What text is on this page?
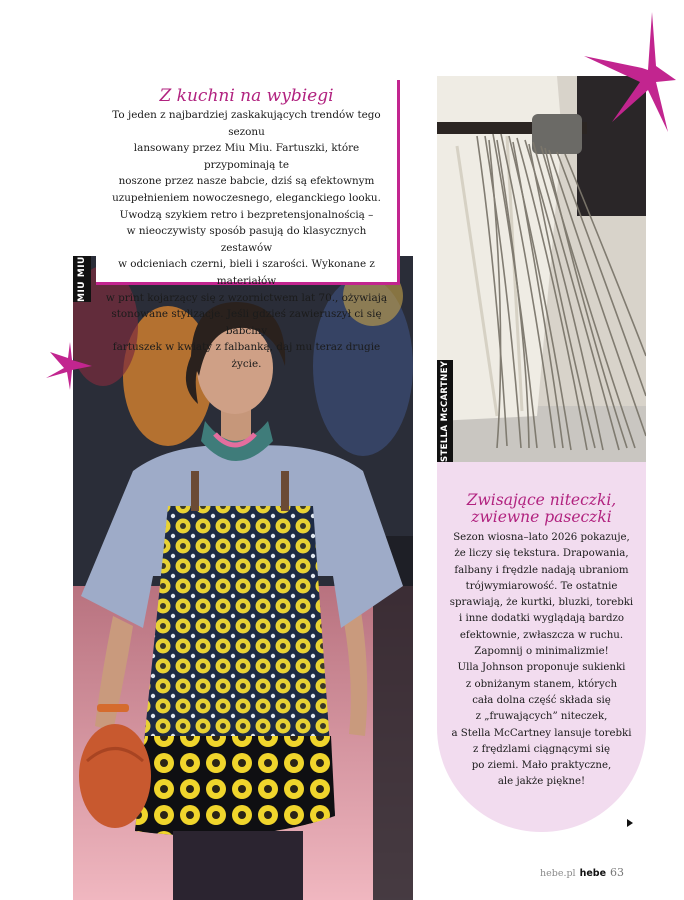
MIU MIU
Z kuchni na wybiegi

To jeden z najbardziej zaskakujących trendów tego sezonu
lansowany przez Miu Miu. Fartuszki, które przypominają te
noszone przez nasze babcie, dziś są efektownym
uzupełnieniem nowoczesnego, eleganckiego looku.
Uwodzą szykiem retro i bezpretensjonalnością –
w nieoczywisty sposób pasują do klasycznych zestawów
w odcieniach czerni, bieli i szarości. Wykonane z materiałów
w print kojarzący się z wzornictwem lat 70., ożywiają
stonowane stylizacje. Jeśli gdzieś zawieruszył ci się babciny
fartuszek w kwiaty z falbanką, daj mu teraz drugie życie.	STELLA McCARTNEY
Zwisające niteczki,
zwiewne paseczki

Sezon wiosna–lato 2026 pokazuje,
że liczy się tekstura. Drapowania,
falbany i frędzle nadają ubraniom
trójwymiarowość. Te ostatnie
sprawiają, że kurtki, bluzki, torebki
i inne dodatki wyglądają bardzo
efektownie, zwłaszcza w ruchu.
Zapomnij o minimalizmie!
Ulla Johnson proponuje sukienki
z obniżanym stanem, których
cała dolna część składa się
z „fruwających” niteczek,
a Stella McCartney lansuje torebki
z frędzlami ciągnącymi się
po ziemi. Mało praktyczne,
ale jakże piękne!

hebe.pl hebe 63
